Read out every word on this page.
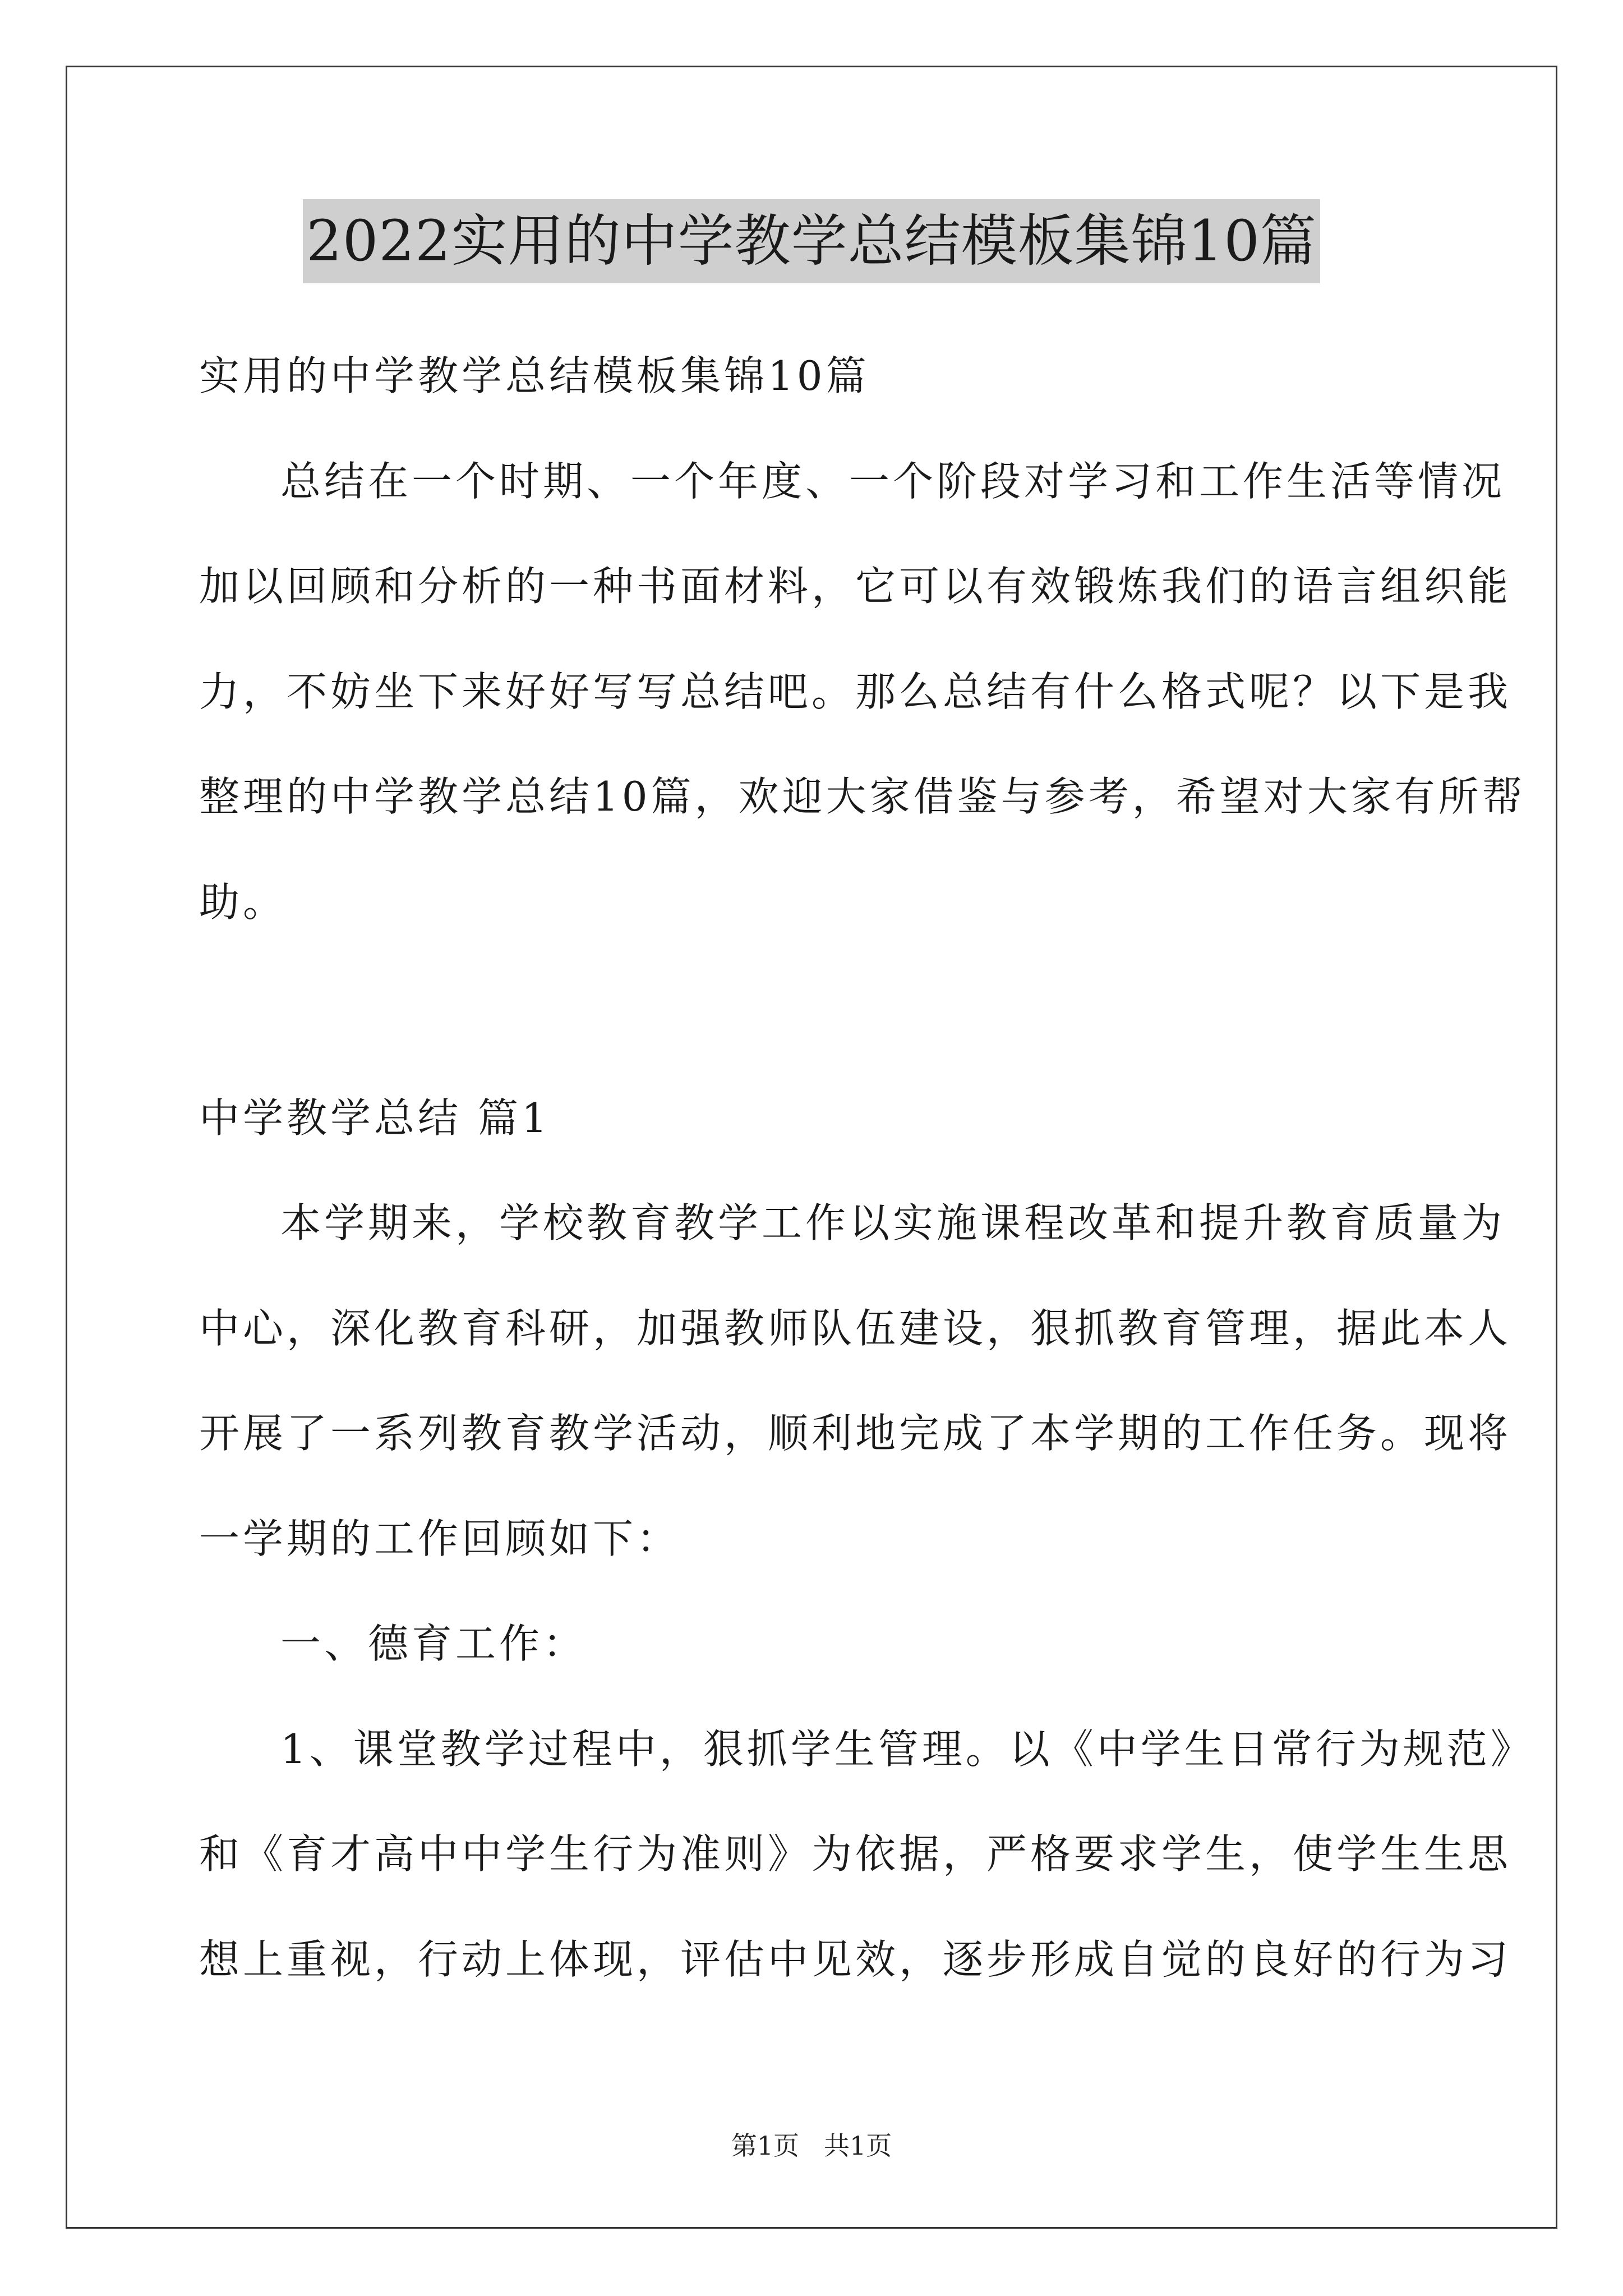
2022实用的中学教学总结模板集锦10篇
实用的中学教学总结模板集锦10篇
总结在一个时期、一个年度、一个阶段对学习和工作生活等情况
加以回顾和分析的一种书面材料，它可以有效锻炼我们的语言组织能
力，不妨坐下来好好写写总结吧。那么总结有什么格式呢？以下是我
整理的中学教学总结10篇，欢迎大家借鉴与参考，希望对大家有所帮
助。
中学教学总结 篇1
本学期来，学校教育教学工作以实施课程改革和提升教育质量为
中心，深化教育科研，加强教师队伍建设，狠抓教育管理，据此本人
开展了一系列教育教学活动，顺利地完成了本学期的工作任务。现将
一学期的工作回顾如下：
一、德育工作：
1、课堂教学过程中，狠抓学生管理。以《中学生日常行为规范》
和《育才高中中学生行为准则》为依据，严格要求学生，使学生生思
想上重视，行动上体现，评估中见效，逐步形成自觉的良好的行为习
第1页 共1页
